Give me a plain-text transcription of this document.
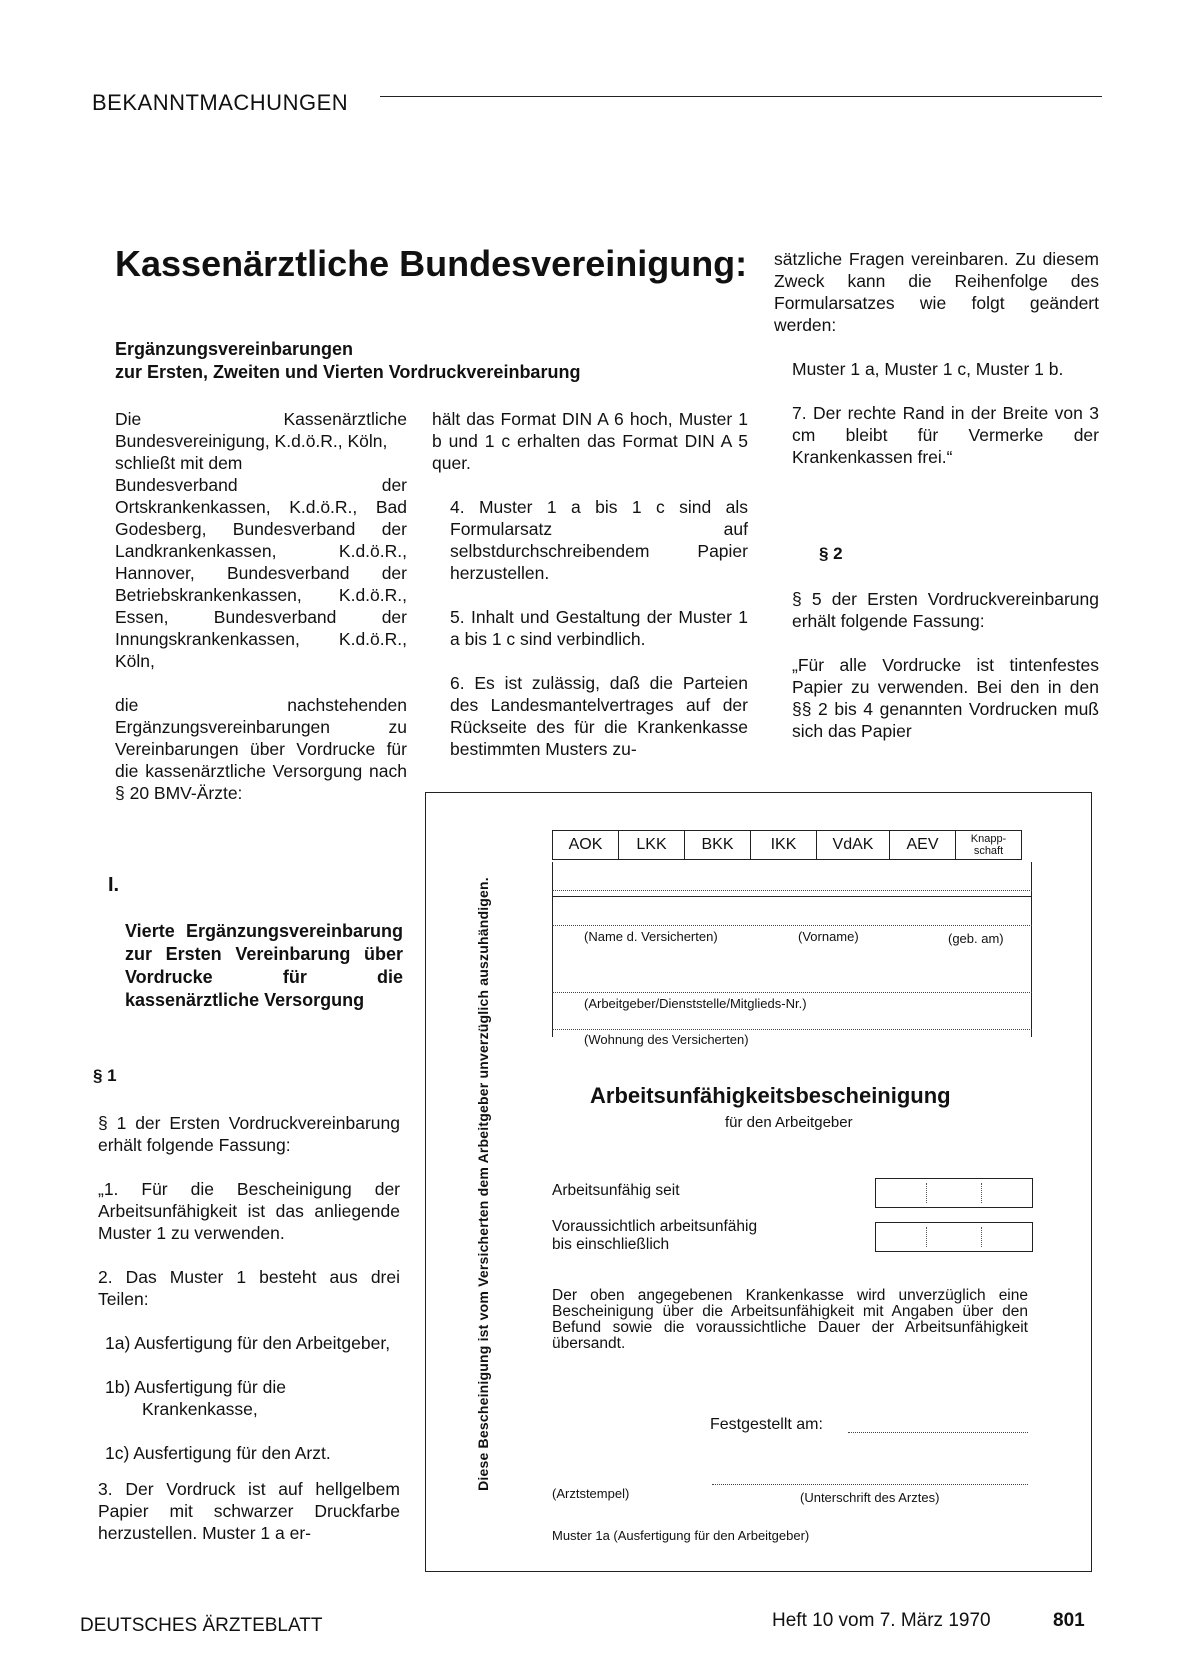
BEKANNTMACHUNGEN
Kassenärztliche Bundesvereinigung:
Ergänzungsvereinbarungen
zur Ersten, Zweiten und Vierten Vordruckvereinbarung

Die Kassenärztliche Bundesvereinigung, K.d.ö.R., Köln,

schließt mit dem

Bundesverband der Ortskrankenkassen, K.d.ö.R., Bad Godesberg, Bundesverband der Landkrankenkassen, K.d.ö.R., Hannover, Bundesverband der Betriebskrankenkassen, K.d.ö.R., Essen, Bundesverband der Innungskrankenkassen, K.d.ö.R., Köln,

die nachstehenden Ergänzungsvereinbarungen zu Vereinbarungen über Vordrucke für die kassenärztliche Versorgung nach § 20 BMV-Ärzte:

hält das Format DIN A 6 hoch, Muster 1 b und 1 c erhalten das Format DIN A 5 quer.

4. Muster 1 a bis 1 c sind als Formularsatz auf selbstdurchschreibendem Papier herzustellen.

5. Inhalt und Gestaltung der Muster 1 a bis 1 c sind verbindlich.

6. Es ist zulässig, daß die Parteien des Landesmantelvertrages auf der Rückseite des für die Krankenkasse bestimmten Musters zu-

sätzliche Fragen vereinbaren. Zu diesem Zweck kann die Reihenfolge des Formularsatzes wie folgt geändert werden:

Muster 1 a, Muster 1 c, Muster 1 b.

7. Der rechte Rand in der Breite von 3 cm bleibt für Vermerke der Krankenkassen frei.“

§ 2

§ 5 der Ersten Vordruckvereinbarung erhält folgende Fassung:

„Für alle Vordrucke ist tintenfestes Papier zu verwenden. Bei den in den §§ 2 bis 4 genannten Vordrucken muß sich das Papier

I.
Vierte Ergänzungsvereinbarung zur Ersten Vereinbarung über Vordrucke für die kassenärztliche Versorgung
§ 1

§ 1 der Ersten Vordruckvereinbarung erhält folgende Fassung:

„1. Für die Bescheinigung der Arbeitsunfähigkeit ist das anliegende Muster 1 zu verwenden.

2. Das Muster 1 besteht aus drei Teilen:

1a) Ausfertigung für den Arbeitgeber,

1b) Ausfertigung für die Krankenkasse,

1c) Ausfertigung für den Arzt.

3. Der Vordruck ist auf hellgelbem Papier mit schwarzer Druckfarbe herzustellen. Muster 1 a er-

Diese Bescheinigung ist vom Versicherten dem Arbeitgeber unverzüglich auszuhändigen.
AOK	LKK	BKK	IKK	VdAK	AEV	Knapp-
schaft
(Name d. Versicherten)	(Vorname)	(geb. am)
(Arbeitgeber/Dienststelle/Mitglieds-Nr.)
(Wohnung des Versicherten)
Arbeitsunfähigkeitsbescheinigung
für den Arbeitgeber
Arbeitsunfähig seit
Voraussichtlich arbeitsunfähig
bis einschließlich
Der oben angegebenen Krankenkasse wird unverzüglich eine Bescheinigung über die Arbeitsunfähigkeit mit Angaben über den Befund sowie die voraussichtliche Dauer der Arbeitsunfähigkeit übersandt.
Festgestellt am:
(Arztstempel)	(Unterschrift des Arztes)
Muster 1a (Ausfertigung für den Arbeitgeber)
DEUTSCHES ÄRZTEBLATT	Heft 10 vom 7. März 1970	801
